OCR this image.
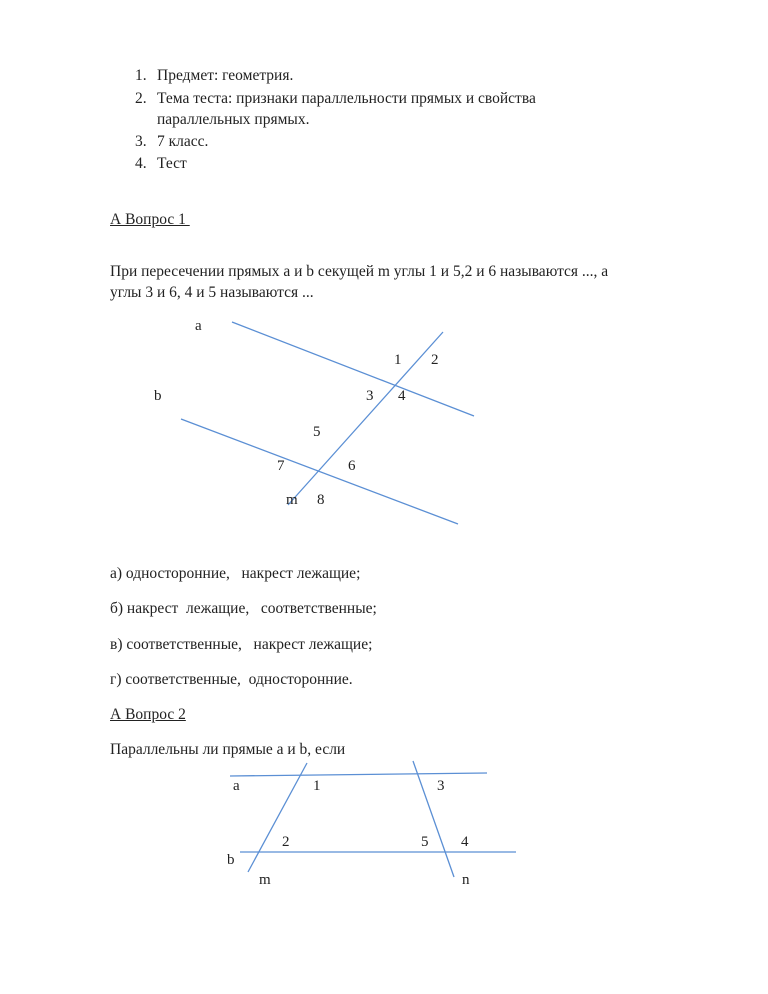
1. Предмет: геометрия.
2. Тема теста: признаки параллельности прямых и свойства
параллельных прямых.
3. 7 класс.
4. Тест
А Вопрос 1
При пересечении прямых a и b секущей m углы 1 и 5,2 и 6 называются ..., а
углы 3 и 6, 4 и 5 называются ...
a
b
m
1 2
3 4
5
6
7
8
а) односторонние,   накрест лежащие;
б) накрест  лежащие,   соответственные;
в) соответственные,   накрест лежащие;
г) соответственные,  односторонние.
А Вопрос 2
Параллельны ли прямые a и b, если
a
b
m	n
1
2
3
4
5
